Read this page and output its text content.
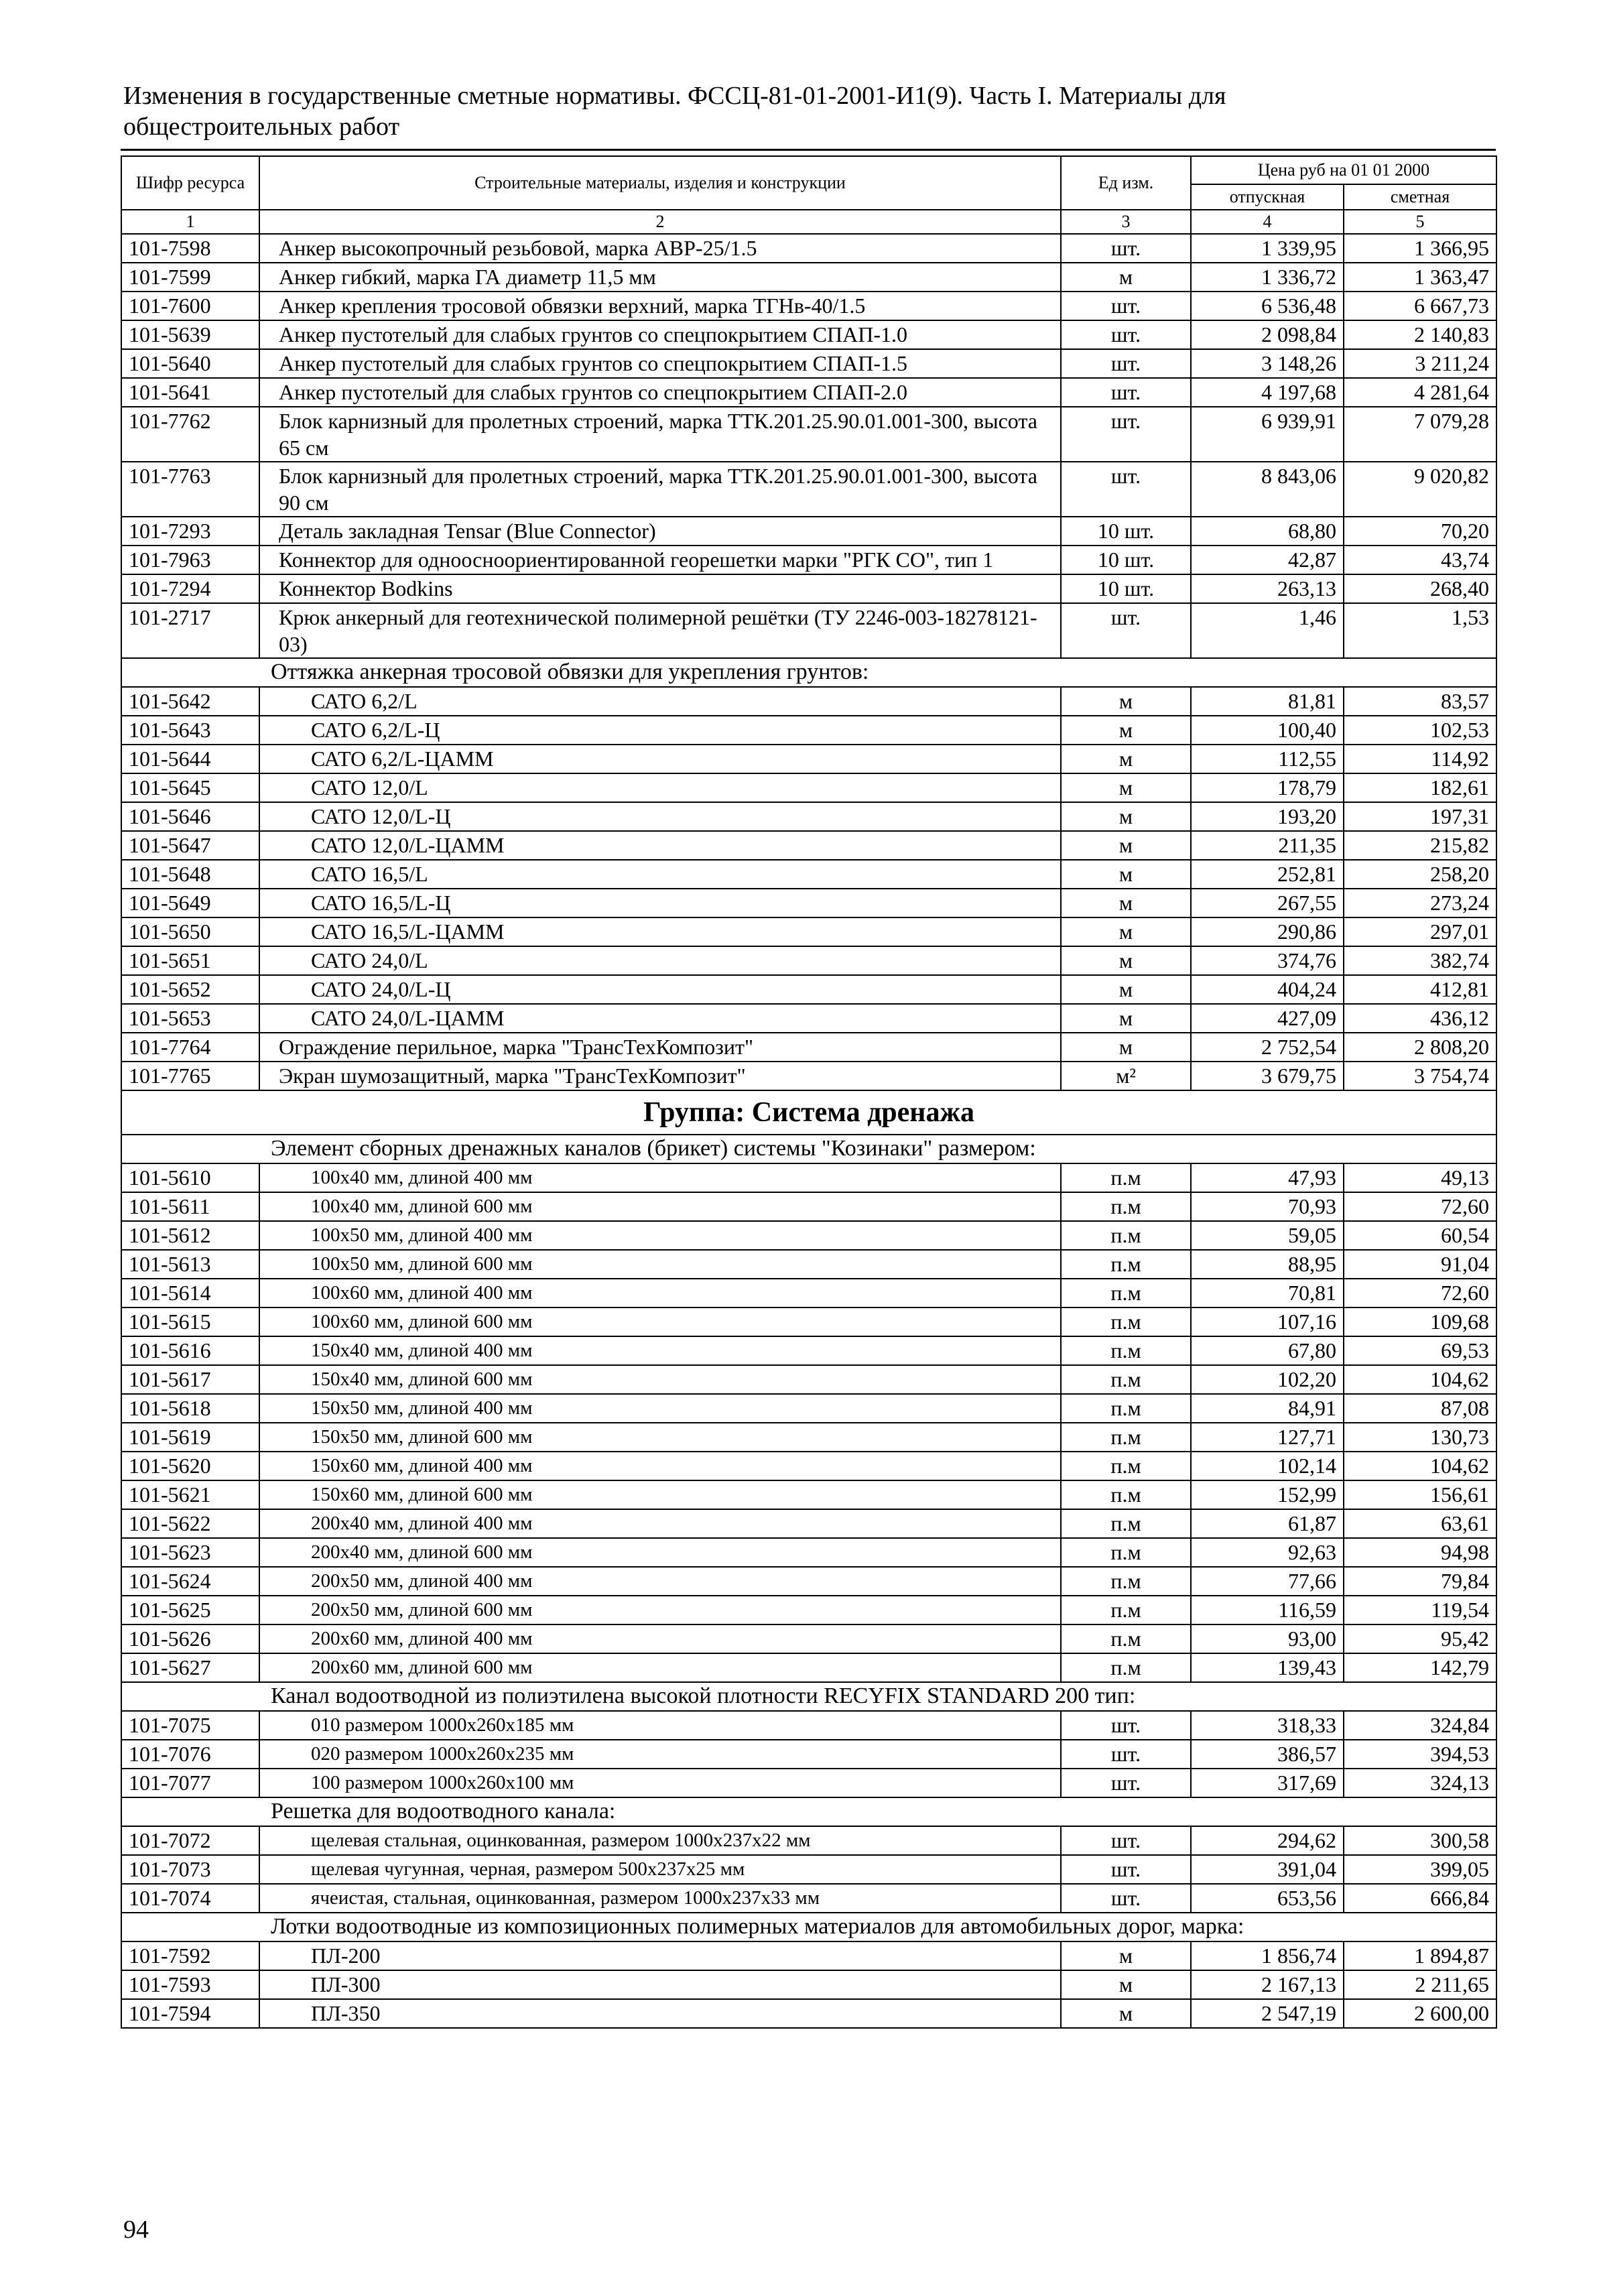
Изменения в государственные сметные нормативы. ФССЦ-81-01-2001-И1(9). Часть I. Материалы для общестроительных работ
Шифр ресурса	Строительные материалы, изделия и конструкции	Ед изм.	Цена руб на 01 01 2000	
			отпускная	сметная
1	2	3	4	5
101-7598	Анкер высокопрочный резьбовой, марка АВР-25/1.5	шт.	1 339,95	1 366,95
101-7599	Анкер гибкий, марка ГА диаметр 11,5 мм	м	1 336,72	1 363,47
101-7600	Анкер крепления тросовой обвязки верхний, марка ТГНв-40/1.5	шт.	6 536,48	6 667,73
101-5639	Анкер пустотелый для слабых грунтов со спецпокрытием СПАП-1.0	шт.	2 098,84	2 140,83
101-5640	Анкер пустотелый для слабых грунтов со спецпокрытием СПАП-1.5	шт.	3 148,26	3 211,24
101-5641	Анкер пустотелый для слабых грунтов со спецпокрытием СПАП-2.0	шт.	4 197,68	4 281,64
101-7762	Блок карнизный для пролетных строений, марка ТТК.201.25.90.01.001-300, высота 65 см	шт.	6 939,91	7 079,28
101-7763	Блок карнизный для пролетных строений, марка ТТК.201.25.90.01.001-300, высота 90 см	шт.	8 843,06	9 020,82
101-7293	Деталь закладная Tensar (Blue Connector)	10 шт.	68,80	70,20
101-7963	Коннектор для одноосноориентированной георешетки марки "РГК СО", тип 1	10 шт.	42,87	43,74
101-7294	Коннектор Bodkins	10 шт.	263,13	268,40
101-2717	Крюк анкерный для геотехнической полимерной решётки (ТУ 2246-003-18278121-03)	шт.	1,46	1,53
Оттяжка анкерная тросовой обвязки для укрепления грунтов:				
101-5642	САТО 6,2/L	м	81,81	83,57
101-5643	САТО 6,2/L-Ц	м	100,40	102,53
101-5644	САТО 6,2/L-ЦАММ	м	112,55	114,92
101-5645	САТО 12,0/L	м	178,79	182,61
101-5646	САТО 12,0/L-Ц	м	193,20	197,31
101-5647	САТО 12,0/L-ЦАММ	м	211,35	215,82
101-5648	САТО 16,5/L	м	252,81	258,20
101-5649	САТО 16,5/L-Ц	м	267,55	273,24
101-5650	САТО 16,5/L-ЦАММ	м	290,86	297,01
101-5651	САТО 24,0/L	м	374,76	382,74
101-5652	САТО 24,0/L-Ц	м	404,24	412,81
101-5653	САТО 24,0/L-ЦАММ	м	427,09	436,12
101-7764	Ограждение перильное, марка "ТрансТехКомпозит"	м	2 752,54	2 808,20
101-7765	Экран шумозащитный, марка "ТрансТехКомпозит"	м²	3 679,75	3 754,74
Группа: Система дренажа				
Элемент сборных дренажных каналов (брикет) системы "Козинаки" размером:				
101-5610	100x40 мм, длиной 400 мм	п.м	47,93	49,13
101-5611	100x40 мм, длиной 600 мм	п.м	70,93	72,60
101-5612	100x50 мм, длиной 400 мм	п.м	59,05	60,54
101-5613	100x50 мм, длиной 600 мм	п.м	88,95	91,04
101-5614	100x60 мм, длиной 400 мм	п.м	70,81	72,60
101-5615	100x60 мм, длиной 600 мм	п.м	107,16	109,68
101-5616	150x40 мм, длиной 400 мм	п.м	67,80	69,53
101-5617	150x40 мм, длиной 600 мм	п.м	102,20	104,62
101-5618	150x50 мм, длиной 400 мм	п.м	84,91	87,08
101-5619	150x50 мм, длиной 600 мм	п.м	127,71	130,73
101-5620	150x60 мм, длиной 400 мм	п.м	102,14	104,62
101-5621	150x60 мм, длиной 600 мм	п.м	152,99	156,61
101-5622	200x40 мм, длиной 400 мм	п.м	61,87	63,61
101-5623	200x40 мм, длиной 600 мм	п.м	92,63	94,98
101-5624	200x50 мм, длиной 400 мм	п.м	77,66	79,84
101-5625	200x50 мм, длиной 600 мм	п.м	116,59	119,54
101-5626	200x60 мм, длиной 400 мм	п.м	93,00	95,42
101-5627	200x60 мм, длиной 600 мм	п.м	139,43	142,79
Канал водоотводной из полиэтилена высокой плотности RECYFIX STANDARD 200 тип:				
101-7075	010 размером 1000x260x185 мм	шт.	318,33	324,84
101-7076	020 размером 1000x260x235 мм	шт.	386,57	394,53
101-7077	100 размером 1000x260x100 мм	шт.	317,69	324,13
Решетка для водоотводного канала:				
101-7072	щелевая стальная, оцинкованная, размером 1000x237x22 мм	шт.	294,62	300,58
101-7073	щелевая чугунная, черная, размером 500x237x25 мм	шт.	391,04	399,05
101-7074	ячеистая, стальная, оцинкованная, размером 1000x237x33 мм	шт.	653,56	666,84
Лотки водоотводные из композиционных полимерных материалов для автомобильных дорог, марка:				
101-7592	ПЛ-200	м	1 856,74	1 894,87
101-7593	ПЛ-300	м	2 167,13	2 211,65
101-7594	ПЛ-350	м	2 547,19	2 600,00
94
